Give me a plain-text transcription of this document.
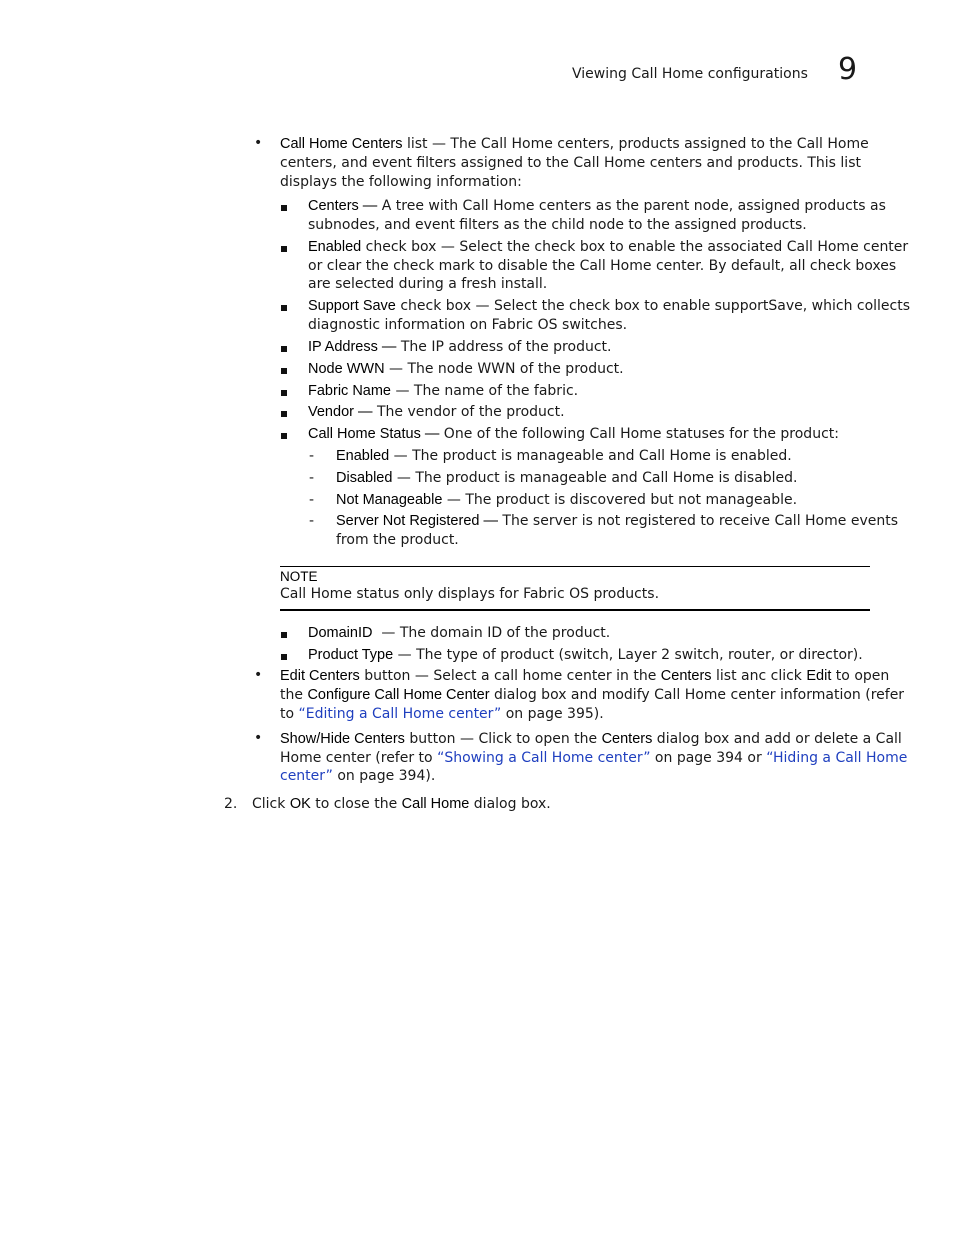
Viewing Call Home configurations 9
• Call Home Centers list — The Call Home centers, products assigned to the Call Home
centers, and event filters assigned to the Call Home centers and products. This list
displays the following information:
Centers — A tree with Call Home centers as the parent node, assigned products as
subnodes, and event filters as the child node to the assigned products.
Enabled check box — Select the check box to enable the associated Call Home center
or clear the check mark to disable the Call Home center. By default, all check boxes
are selected during a fresh install.
Support Save check box — Select the check box to enable supportSave, which collects
diagnostic information on Fabric OS switches.
IP Address — The IP address of the product.
Node WWN — The node WWN of the product.
Fabric Name — The name of the fabric.
Vendor — The vendor of the product.
Call Home Status — One of the following Call Home statuses for the product:
- Enabled — The product is manageable and Call Home is enabled.
- Disabled — The product is manageable and Call Home is disabled.
- Not Manageable — The product is discovered but not manageable.
- Server Not Registered — The server is not registered to receive Call Home events
from the product.
NOTE
Call Home status only displays for Fabric OS products.
DomainID  — The domain ID of the product.
Product Type — The type of product (switch, Layer 2 switch, router, or director).
• Edit Centers button — Select a call home center in the Centers list anc click Edit to open
the Configure Call Home Center dialog box and modify Call Home center information (refer
to “Editing a Call Home center” on page 395).
• Show/Hide Centers button — Click to open the Centers dialog box and add or delete a Call
Home center (refer to “Showing a Call Home center” on page 394 or “Hiding a Call Home
center” on page 394).
2. Click OK to close the Call Home dialog box.
